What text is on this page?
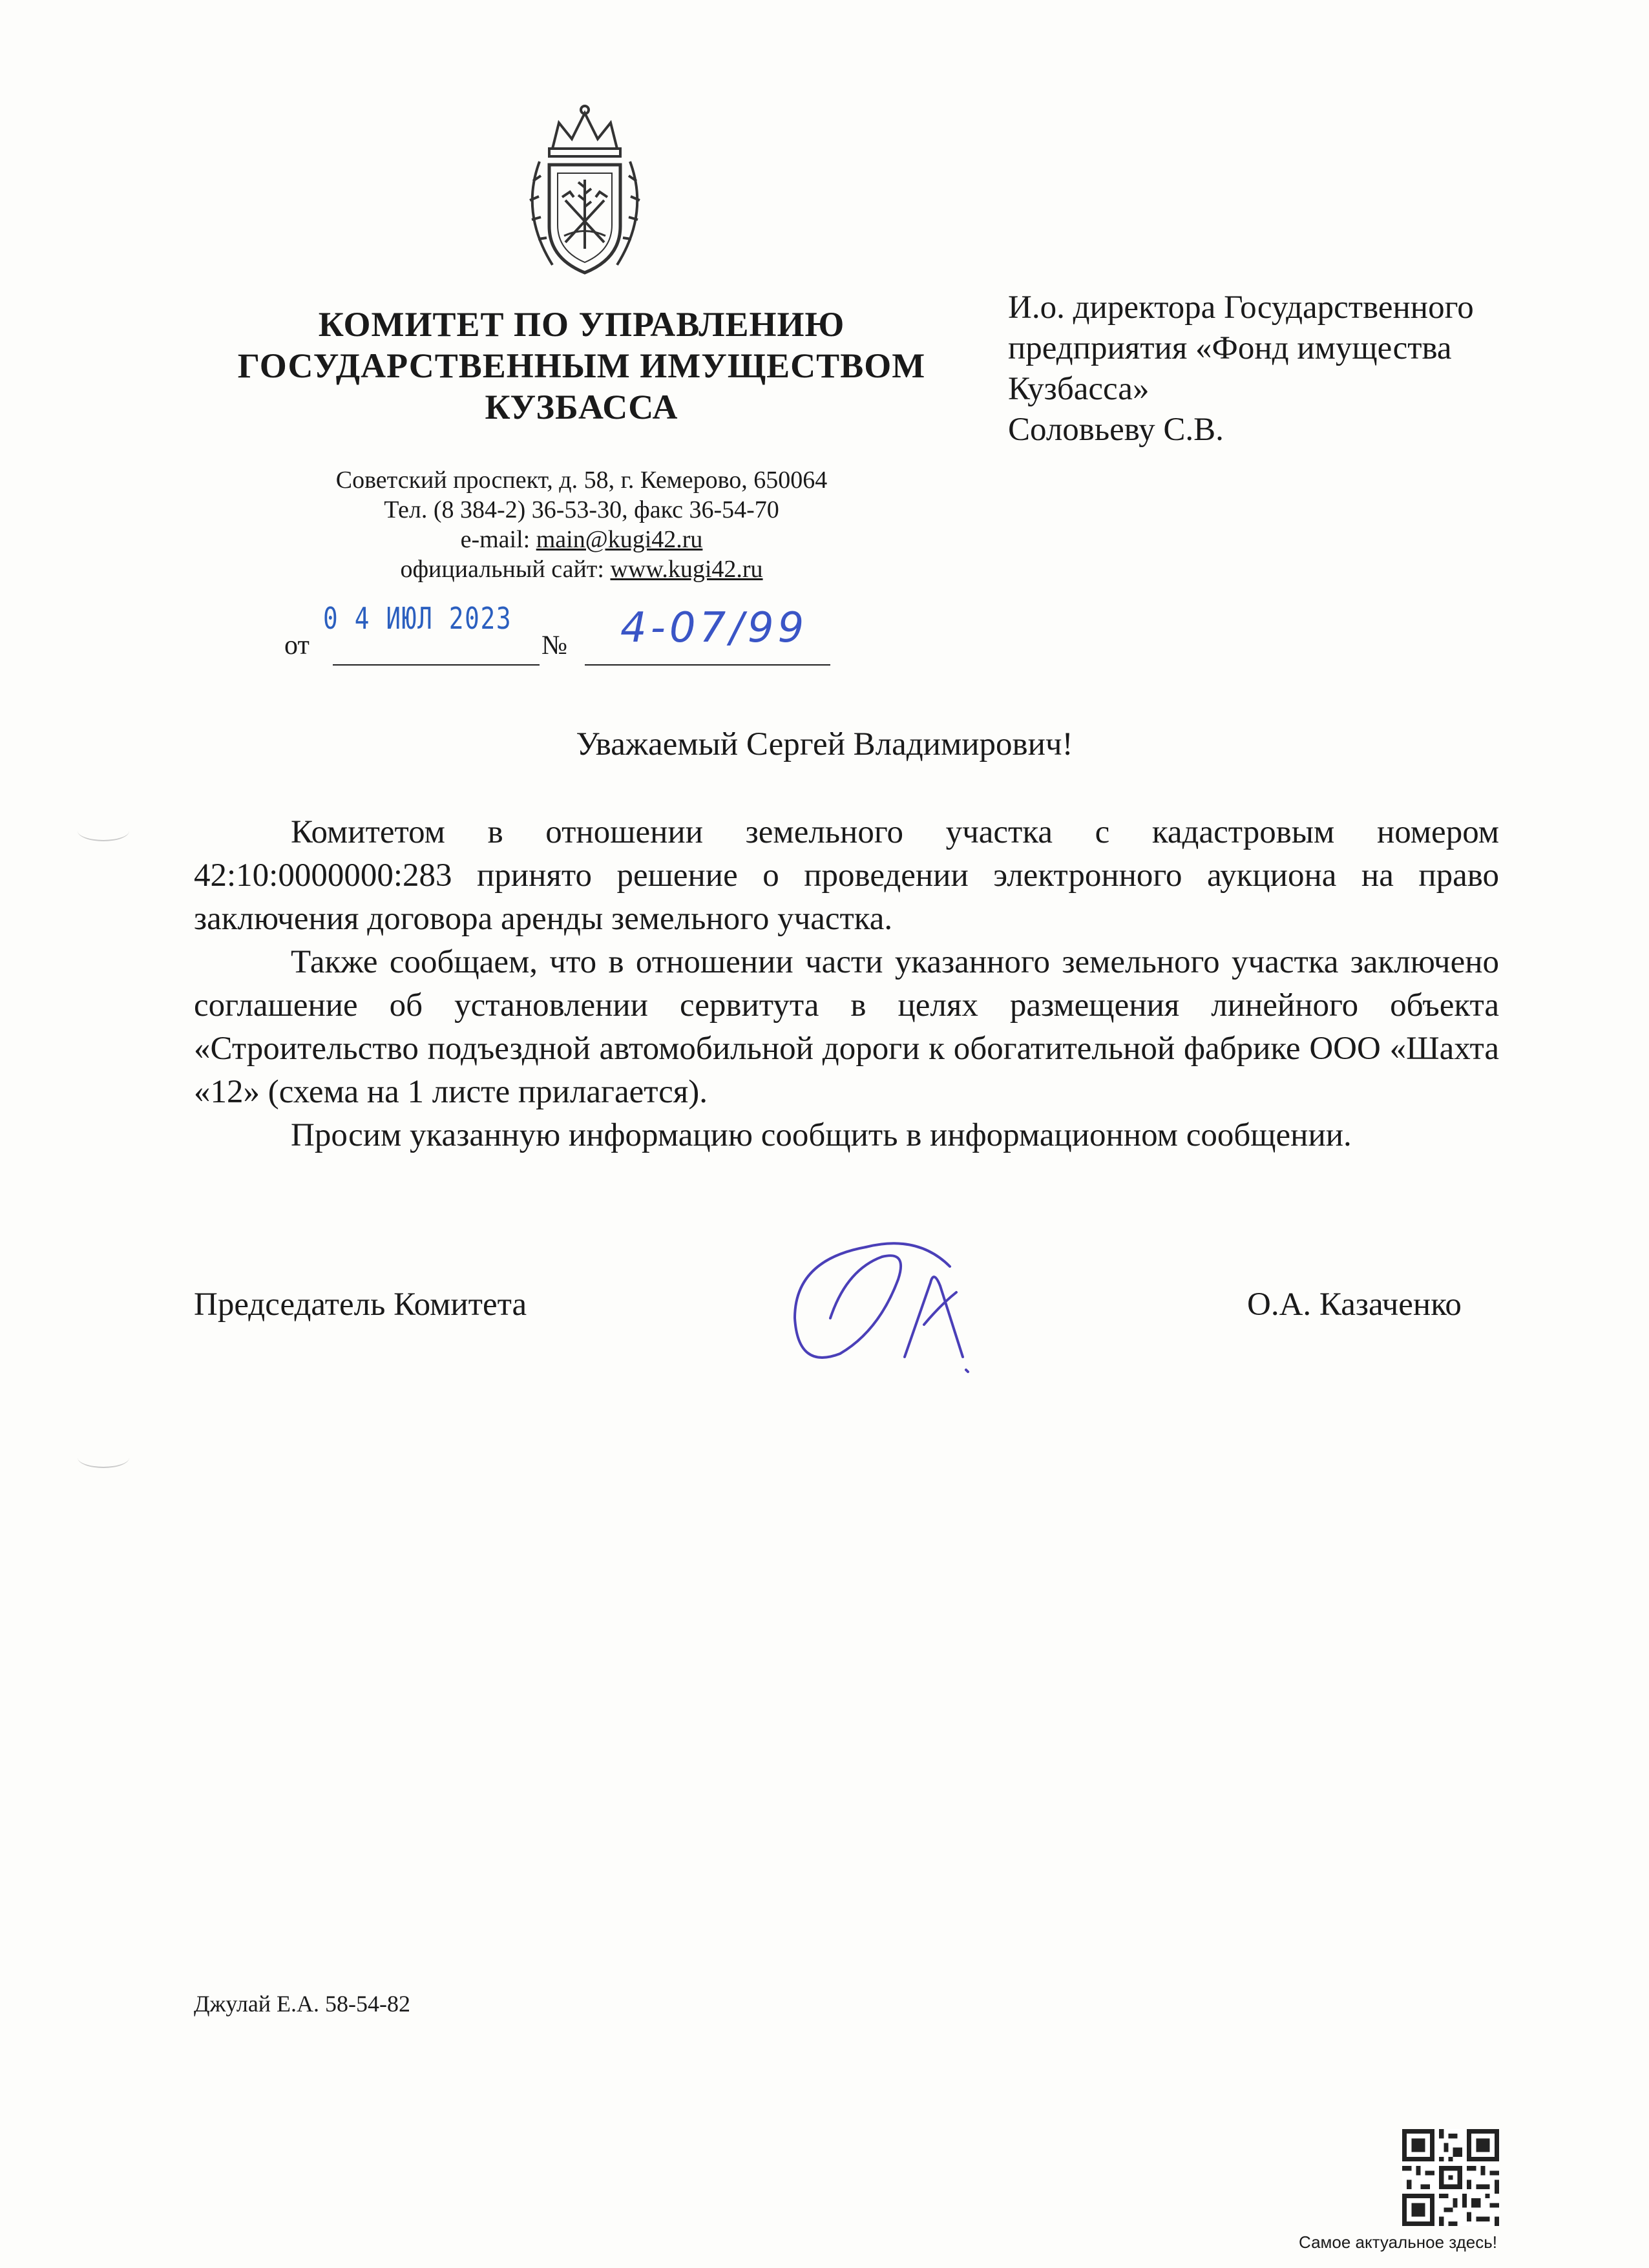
КОМИТЕТ ПО УПРАВЛЕНИЮ
ГОСУДАРСТВЕННЫМ ИМУЩЕСТВОМ
КУЗБАССА
Советский проспект, д. 58, г. Кемерово, 650064
Тел. (8 384-2) 36-53-30, факс 36-54-70
e-mail: main@kugi42.ru
официальный сайт: www.kugi42.ru
И.о. директора Государственного
предприятия «Фонд имущества
Кузбасса»
Соловьеву С.В.
от	№
0 4 ИЮЛ 2023	4-07/99
Уважаемый Сергей Владимирович!

Комитетом в отношении земельного участка с кадастровым номером 42:10:0000000:283 принято решение о проведении электронного аукциона на право заключения договора аренды земельного участка.

Также сообщаем, что в отношении части указанного земельного участка заключено соглашение об установлении сервитута в целях размещения линейного объекта «Строительство подъездной автомобильной дороги к обогатительной фабрике ООО «Шахта «12» (схема на 1 листе прилагается).

Просим указанную информацию сообщить в информационном сообщении.

Председатель Комитета	О.А. Казаченко
Джулай Е.А. 58-54-82
Самое актуальное здесь!
